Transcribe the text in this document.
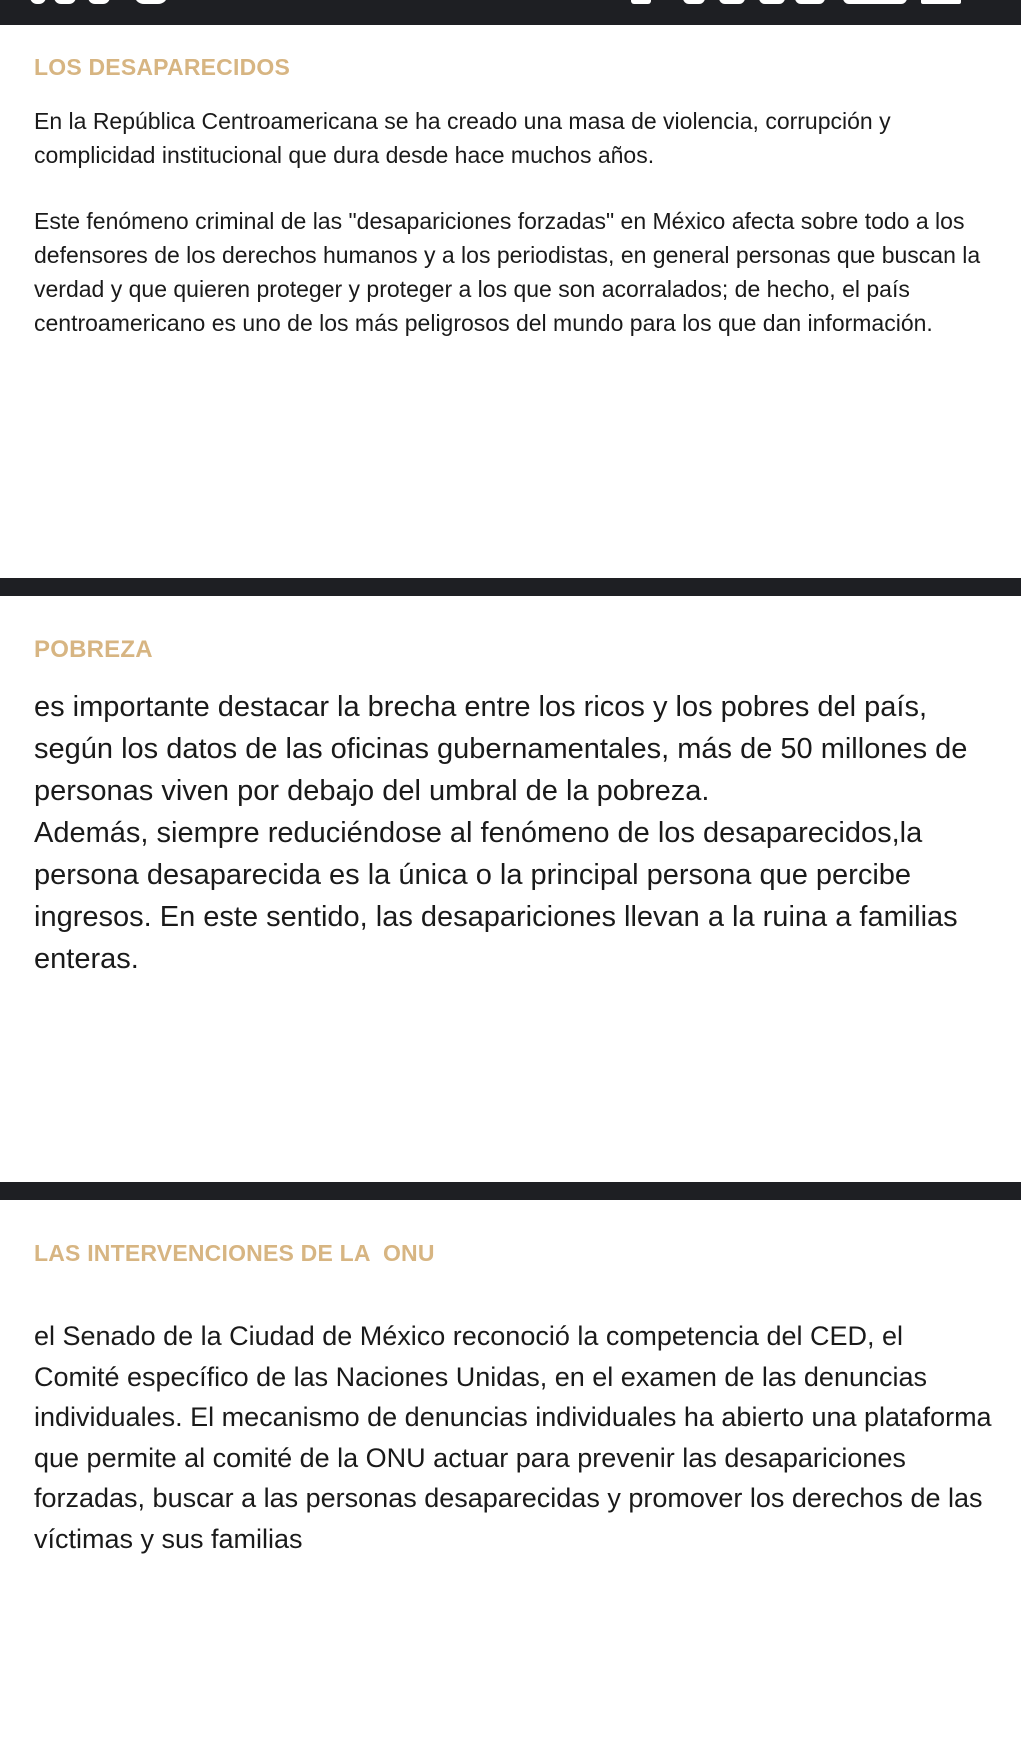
LOS DESAPARECIDOS

En la República Centroamericana se ha creado una masa de violencia, corrupción y complicidad institucional que dura desde hace muchos años.

Este fenómeno criminal de las "desapariciones forzadas" en México afecta sobre todo a los defensores de los derechos humanos y a los periodistas, en general personas que buscan la verdad y que quieren proteger y proteger a los que son acorralados; de hecho, el país centroamericano es uno de los más peligrosos del mundo para los que dan información.

POBREZA

es importante destacar la brecha entre los ricos y los pobres del país, según los datos de las oficinas gubernamentales, más de 50 millones de personas viven por debajo del umbral de la pobreza.

Además, siempre reduciéndose al fenómeno de los desaparecidos,la persona desaparecida es la única o la principal persona que percibe ingresos. En este sentido, las desapariciones llevan a la ruina a familias enteras.

LAS INTERVENCIONES DE LA  ONU

el Senado de la Ciudad de México reconoció la competencia del CED, el Comité específico de las Naciones Unidas, en el examen de las denuncias individuales. El mecanismo de denuncias individuales ha abierto una plataforma que permite al comité de la ONU actuar para prevenir las desapariciones forzadas, buscar a las personas desaparecidas y promover los derechos de las víctimas y sus familias
